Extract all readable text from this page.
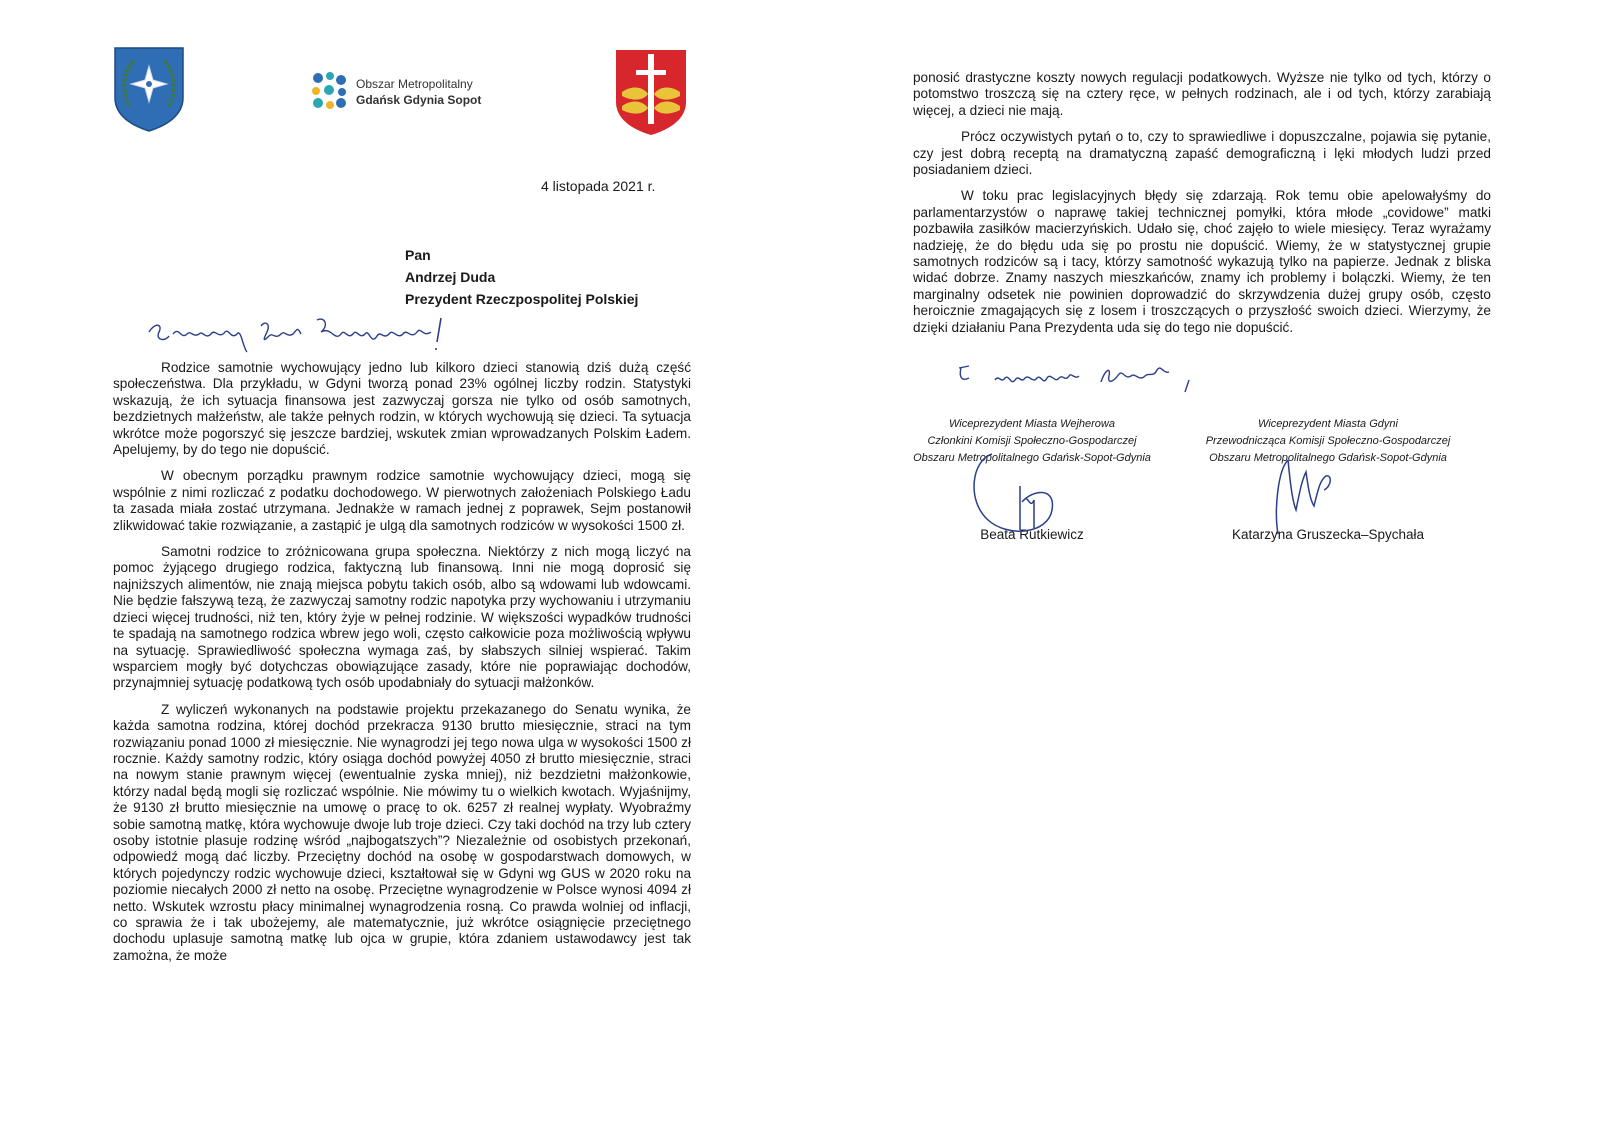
Obszar Metropolitalny
Gdańsk Gdynia Sopot
4 listopada 2021 r.
Pan
Andrzej Duda
Prezydent Rzeczpospolitej Polskiej

Rodzice samotnie wychowujący jedno lub kilkoro dzieci stanowią dziś dużą część społeczeństwa. Dla przykładu, w Gdyni tworzą ponad 23% ogólnej liczby rodzin. Statystyki wskazują, że ich sytuacja finansowa jest zazwyczaj gorsza nie tylko od osób samotnych, bezdzietnych małżeństw, ale także pełnych rodzin, w których wychowują się dzieci. Ta sytuacja wkrótce może pogorszyć się jeszcze bardziej, wskutek zmian wprowadzanych Polskim Ładem. Apelujemy, by do tego nie dopuścić.

W obecnym porządku prawnym rodzice samotnie wychowujący dzieci, mogą się wspólnie z nimi rozliczać z podatku dochodowego. W pierwotnych założeniach Polskiego Ładu ta zasada miała zostać utrzymana. Jednakże w ramach jednej z poprawek, Sejm postanowił zlikwidować takie rozwiązanie, a zastąpić je ulgą dla samotnych rodziców w wysokości 1500 zł.

Samotni rodzice to zróżnicowana grupa społeczna. Niektórzy z nich mogą liczyć na pomoc żyjącego drugiego rodzica, faktyczną lub finansową. Inni nie mogą doprosić się najniższych alimentów, nie znają miejsca pobytu takich osób, albo są wdowami lub wdowcami. Nie będzie fałszywą tezą, że zazwyczaj samotny rodzic napotyka przy wychowaniu i utrzymaniu dzieci więcej trudności, niż ten, który żyje w pełnej rodzinie. W większości wypadków trudności te spadają na samotnego rodzica wbrew jego woli, często całkowicie poza możliwością wpływu na sytuację. Sprawiedliwość społeczna wymaga zaś, by słabszych silniej wspierać. Takim wsparciem mogły być dotychczas obowiązujące zasady, które nie poprawiając dochodów, przynajmniej sytuację podatkową tych osób upodabniały do sytuacji małżonków.

Z wyliczeń wykonanych na podstawie projektu przekazanego do Senatu wynika, że każda samotna rodzina, której dochód przekracza 9130 brutto miesięcznie, straci na tym rozwiązaniu ponad 1000 zł miesięcznie. Nie wynagrodzi jej tego nowa ulga w wysokości 1500 zł rocznie. Każdy samotny rodzic, który osiąga dochód powyżej 4050 zł brutto miesięcznie, straci na nowym stanie prawnym więcej (ewentualnie zyska mniej), niż bezdzietni małżonkowie, którzy nadal będą mogli się rozliczać wspólnie. Nie mówimy tu o wielkich kwotach. Wyjaśnijmy, że 9130 zł brutto miesięcznie na umowę o pracę to ok. 6257 zł realnej wypłaty. Wyobraźmy sobie samotną matkę, która wychowuje dwoje lub troje dzieci. Czy taki dochód na trzy lub cztery osoby istotnie plasuje rodzinę wśród „najbogatszych”? Niezależnie od osobistych przekonań, odpowiedź mogą dać liczby. Przeciętny dochód na osobę w gospodarstwach domowych, w których pojedynczy rodzic wychowuje dzieci, kształtował się w Gdyni wg GUS w 2020 roku na poziomie niecałych 2000 zł netto na osobę. Przeciętne wynagrodzenie w Polsce wynosi 4094 zł netto. Wskutek wzrostu płacy minimalnej wynagrodzenia rosną. Co prawda wolniej od inflacji, co sprawia że i tak ubożejemy, ale matematycznie, już wkrótce osiągnięcie przeciętnego dochodu uplasuje samotną matkę lub ojca w grupie, która zdaniem ustawodawcy jest tak zamożna, że może

ponosić drastyczne koszty nowych regulacji podatkowych. Wyższe nie tylko od tych, którzy o potomstwo troszczą się na cztery ręce, w pełnych rodzinach, ale i od tych, którzy zarabiają więcej, a dzieci nie mają.

Prócz oczywistych pytań o to, czy to sprawiedliwe i dopuszczalne, pojawia się pytanie, czy jest dobrą receptą na dramatyczną zapaść demograficzną i lęki młodych ludzi przed posiadaniem dzieci.

W toku prac legislacyjnych błędy się zdarzają. Rok temu obie apelowałyśmy do parlamentarzystów o naprawę takiej technicznej pomyłki, która młode „covidowe” matki pozbawiła zasiłków macierzyńskich. Udało się, choć zajęło to wiele miesięcy. Teraz wyrażamy nadzieję, że do błędu uda się po prostu nie dopuścić. Wiemy, że w statystycznej grupie samotnych rodziców są i tacy, którzy samotność wykazują tylko na papierze. Jednak z bliska widać dobrze. Znamy naszych mieszkańców, znamy ich problemy i bolączki. Wiemy, że ten marginalny odsetek nie powinien doprowadzić do skrzywdzenia dużej grupy osób, często heroicznie zmagających się z losem i troszczących o przyszłość swoich dzieci. Wierzymy, że dzięki działaniu Pana Prezydenta uda się do tego nie dopuścić.

Wiceprezydent Miasta Wejherowa
Członkini Komisji Społeczno-Gospodarczej
Obszaru Metropolitalnego Gdańsk-Sopot-Gdynia
Beata Rutkiewicz
Wiceprezydent Miasta Gdyni
Przewodnicząca Komisji Społeczno-Gospodarczej
Obszaru Metropolitalnego Gdańsk-Sopot-Gdynia
Katarzyna Gruszecka–Spychała
